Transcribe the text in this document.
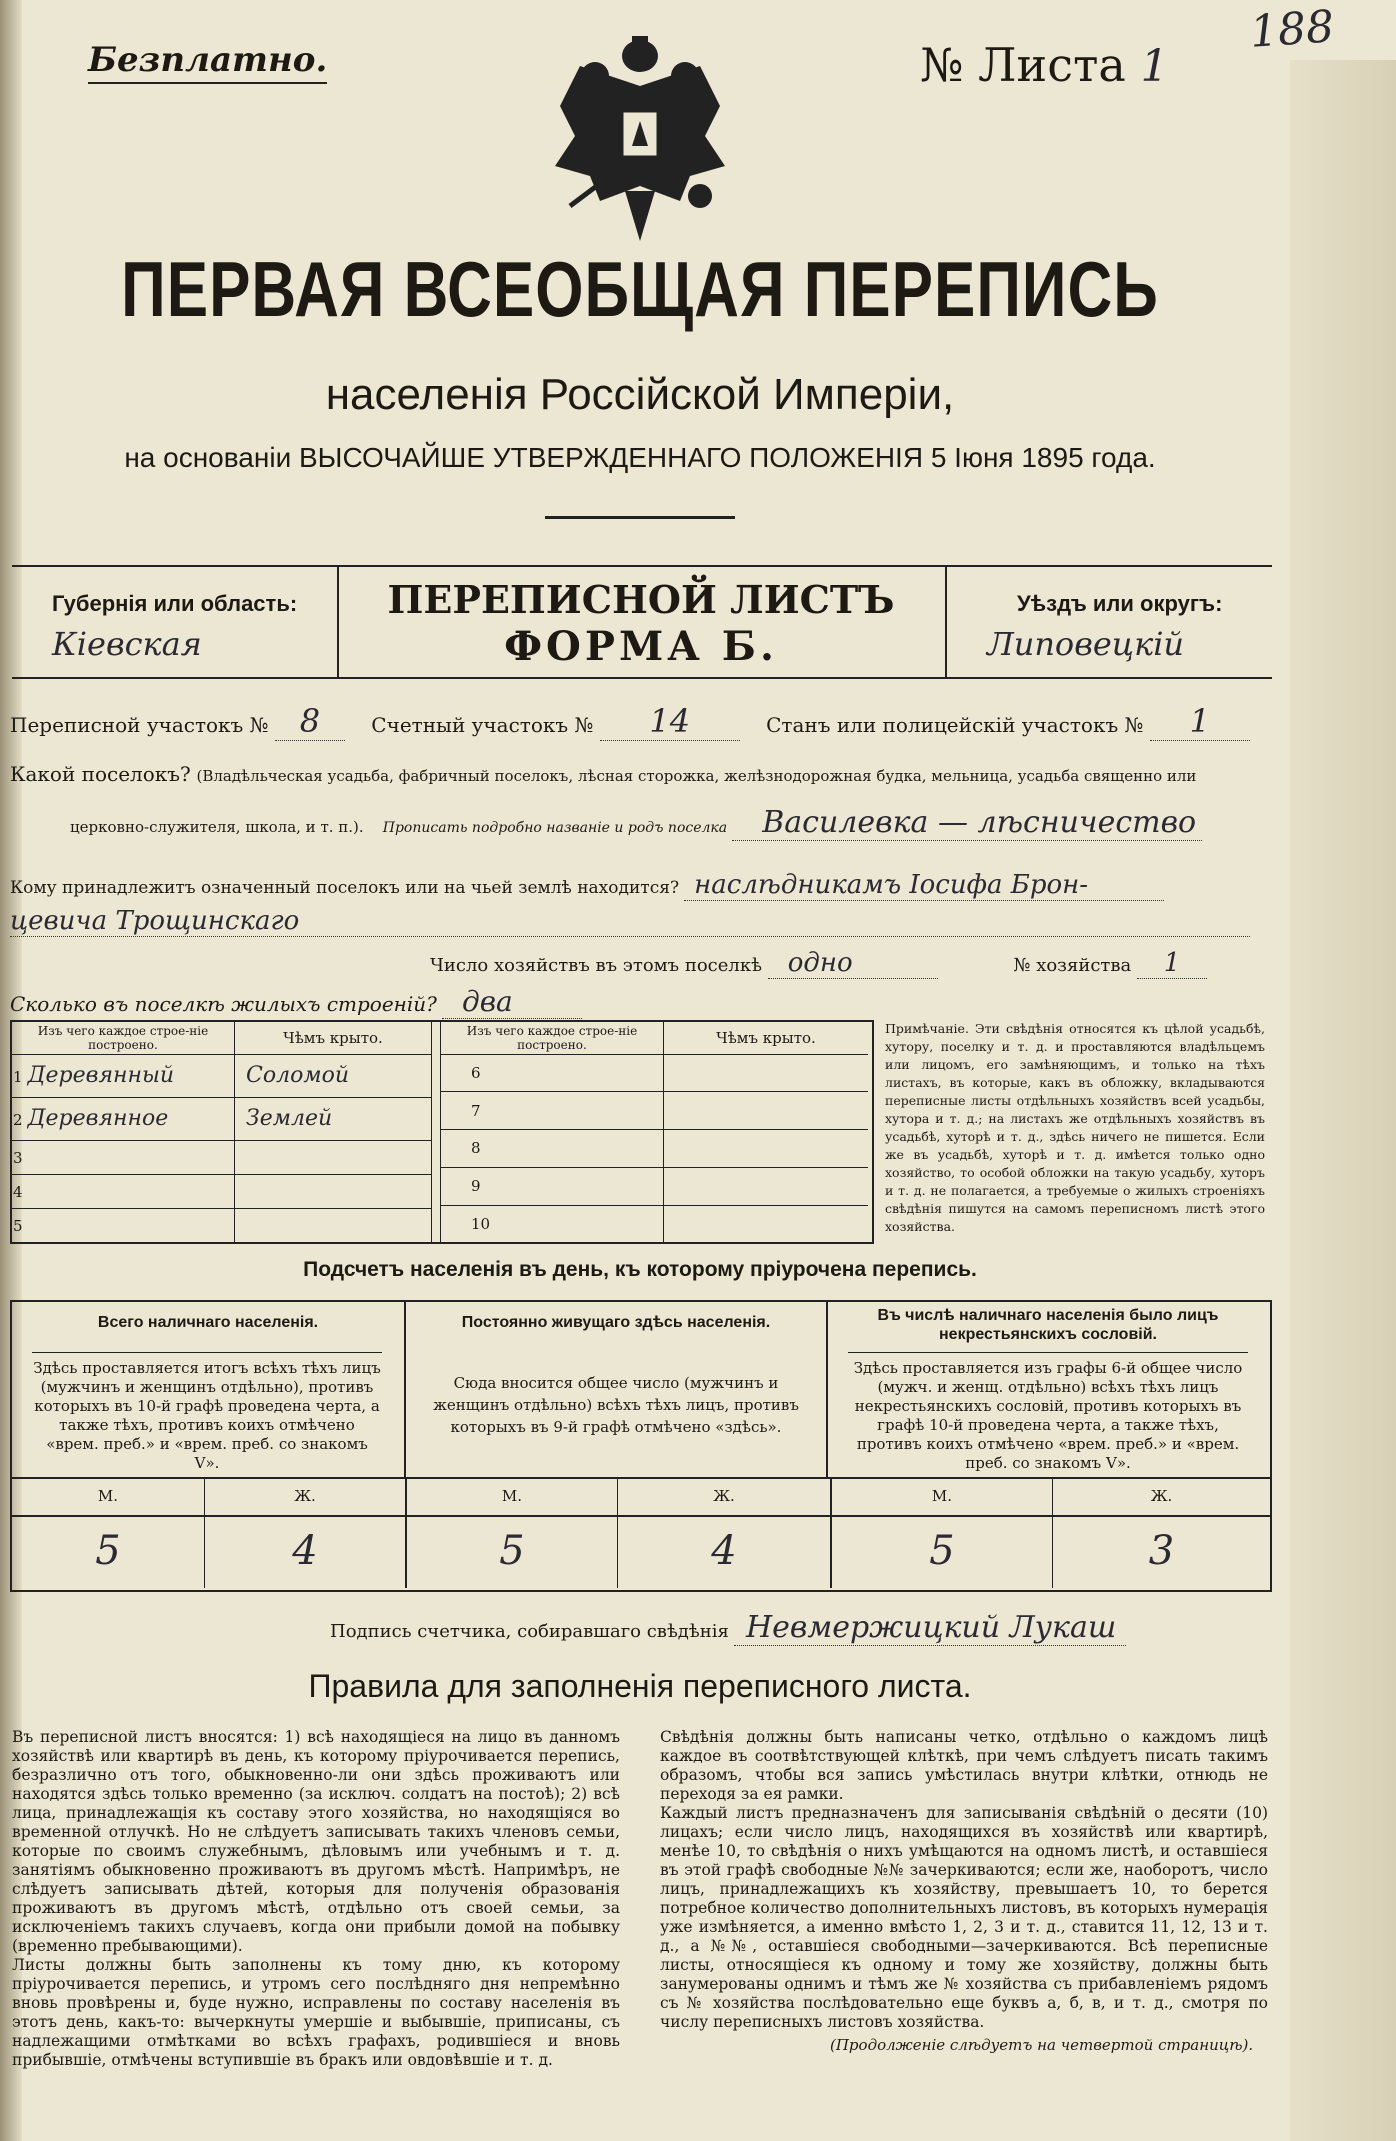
Безплатно.	№ Листа 1
188
ПЕРВАЯ ВСЕОБЩАЯ ПЕРЕПИСЬ
населенія Россійской Имперіи,
на основаніи ВЫСОЧАЙШЕ УТВЕРЖДЕННАГО ПОЛОЖЕНІЯ 5 Іюня 1895 года.
Губернія или область:
Кіевская
ПЕРЕПИСНОЙ ЛИСТЪ
ФОРМА Б.
Уѣздъ или округъ:
Липовецкій
Переписной участокъ № 8	Счетный участокъ № 14	Станъ или полицейскій участокъ № 1
Какой поселокъ? (Владѣльческая усадьба, фабричный поселокъ, лѣсная сторожка, желѣзнодорожная будка, мельница, усадьба священно или
церковно-служителя, школа, и т. п.). Прописать подробно названіе и родъ поселка Василевка — лѣсничество
Кому принадлежитъ означенный поселокъ или на чьей землѣ находится? наслѣдникамъ Іосифа Брон-
цевича Трощинскаго
Число хозяйствъ въ этомъ поселкѣ одно	№ хозяйства 1
Сколько въ поселкѣ жилыхъ строеній? два
Изъ чего каждое строе-ніе построено.	Чѣмъ крыто.
1 Деревянный	Соломой
2 Деревянное	Землей
3	
4	
5	
Изъ чего каждое строе-ніе построено.	Чѣмъ крыто.
6	
7	
8	
9	
10	
Примѣчаніе. Эти свѣдѣнія относятся къ цѣлой усадьбѣ, хутору, поселку и т. д. и проставляются владѣльцемъ или лицомъ, его замѣняющимъ, и только на тѣхъ листахъ, въ которые, какъ въ обложку, вкладываются переписные листы отдѣльныхъ хозяйствъ всей усадьбы, хутора и т. д.; на листахъ же отдѣльныхъ хозяйствъ въ усадьбѣ, хуторѣ и т. д., здѣсь ничего не пишется. Если же въ усадьбѣ, хуторѣ и т. д. имѣется только одно хозяйство, то особой обложки на такую усадьбу, хуторъ и т. д. не полагается, а требуемые о жилыхъ строеніяхъ свѣдѣнія пишутся на самомъ переписномъ листѣ этого хозяйства.
Подсчетъ населенія въ день, къ которому пріурочена перепись.
Всего наличнаго населенія.
Здѣсь проставляется итогъ всѣхъ тѣхъ лицъ (мужчинъ и женщинъ отдѣльно), противъ которыхъ въ 10-й графѣ проведена черта, а также тѣхъ, противъ коихъ отмѣчено «врем. преб.» и «врем. преб. со знакомъ V».
Постоянно живущаго здѣсь населенія.
Сюда вносится общее число (мужчинъ и женщинъ отдѣльно) всѣхъ тѣхъ лицъ, противъ которыхъ въ 9-й графѣ отмѣчено «здѣсь».
Въ числѣ наличнаго населенія было лицъ некрестьянскихъ сословій.
Здѣсь проставляется изъ графы 6-й общее число (мужч. и женщ. отдѣльно) всѣхъ тѣхъ лицъ некрестьянскихъ сословій, противъ которыхъ въ графѣ 10-й проведена черта, а также тѣхъ, противъ коихъ отмѣчено «врем. преб.» и «врем. преб. со знакомъ V».
М.	Ж.	М.	Ж.	М.	Ж.
5	4	5	4	5	3
Подпись счетчика, собиравшаго свѣдѣнія Невмержицкий Лукаш
Правила для заполненія переписного листа.
Въ переписной листъ вносятся: 1) всѣ находящіеся на лицо въ данномъ хозяйствѣ или квартирѣ въ день, къ которому пріурочивается перепись, безразлично отъ того, обыкновенно-ли они здѣсь проживаютъ или находятся здѣсь только временно (за исключ. солдатъ на постоѣ); 2) всѣ лица, принадлежащія къ составу этого хозяйства, но находящіяся во временной отлучкѣ. Но не слѣдуетъ записывать такихъ членовъ семьи, которые по своимъ служебнымъ, дѣловымъ или учебнымъ и т. д. занятіямъ обыкновенно проживаютъ въ другомъ мѣстѣ. Напримѣръ, не слѣдуетъ записывать дѣтей, которыя для полученія образованія проживаютъ въ другомъ мѣстѣ, отдѣльно отъ своей семьи, за исключеніемъ такихъ случаевъ, когда они прибыли домой на побывку (временно пребывающими).
Листы должны быть заполнены къ тому дню, къ которому пріурочивается перепись, и утромъ сего послѣдняго дня непремѣнно вновь провѣрены и, буде нужно, исправлены по составу населенія въ этотъ день, какъ-то: вычеркнуты умершіе и выбывшіе, приписаны, съ надлежащими отмѣтками во всѣхъ графахъ, родившіеся и вновь прибывшіе, отмѣчены вступившіе въ бракъ или овдовѣвшіе и т. д.
Свѣдѣнія должны быть написаны четко, отдѣльно о каждомъ лицѣ каждое въ соотвѣтствующей клѣткѣ, при чемъ слѣдуетъ писать такимъ образомъ, чтобы вся запись умѣстилась внутри клѣтки, отнюдь не переходя за ея рамки.
Каждый листъ предназначенъ для записыванія свѣдѣній о десяти (10) лицахъ; если число лицъ, находящихся въ хозяйствѣ или квартирѣ, менѣе 10, то свѣдѣнія о нихъ умѣщаются на одномъ листѣ, и оставшіеся въ этой графѣ свободные №№ зачеркиваются; если же, наоборотъ, число лицъ, принадлежащихъ къ хозяйству, превышаетъ 10, то берется потребное количество дополнительныхъ листовъ, въ которыхъ нумерація уже измѣняется, а именно вмѣсто 1, 2, 3 и т. д., ставится 11, 12, 13 и т. д., а №№, оставшіеся свободными—зачеркиваются. Всѣ переписные листы, относящіеся къ одному и тому же хозяйству, должны быть занумерованы однимъ и тѣмъ же № хозяйства съ прибавленіемъ рядомъ съ № хозяйства послѣдовательно еще буквъ а, б, в, и т. д., смотря по числу переписныхъ листовъ хозяйства.
(Продолженіе слѣдуетъ на четвертой страницѣ).
